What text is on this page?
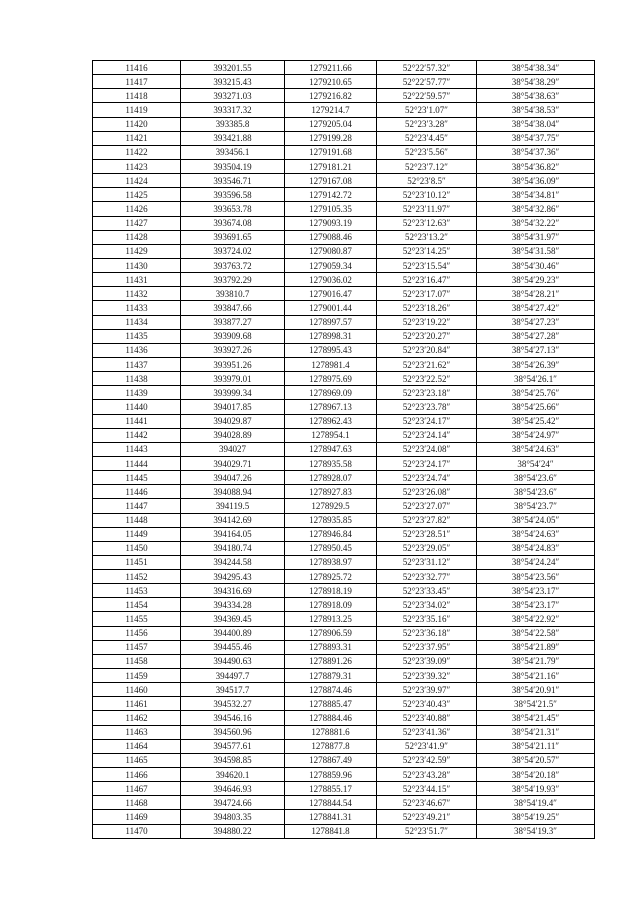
11416	393201.55	1279211.66	52°22′57.32″	38°54′38.34″
11417	393215.43	1279210.65	52°22′57.77″	38°54′38.29″
11418	393271.03	1279216.82	52°22′59.57″	38°54′38.63″
11419	393317.32	1279214.7	52°23′1.07″	38°54′38.53″
11420	393385.8	1279205.04	52°23′3.28″	38°54′38.04″
11421	393421.88	1279199.28	52°23′4.45″	38°54′37.75″
11422	393456.1	1279191.68	52°23′5.56″	38°54′37.36″
11423	393504.19	1279181.21	52°23′7.12″	38°54′36.82″
11424	393546.71	1279167.08	52°23′8.5″	38°54′36.09″
11425	393596.58	1279142.72	52°23′10.12″	38°54′34.81″
11426	393653.78	1279105.35	52°23′11.97″	38°54′32.86″
11427	393674.08	1279093.19	52°23′12.63″	38°54′32.22″
11428	393691.65	1279088.46	52°23′13.2″	38°54′31.97″
11429	393724.02	1279080.87	52°23′14.25″	38°54′31.58″
11430	393763.72	1279059.34	52°23′15.54″	38°54′30.46″
11431	393792.29	1279036.02	52°23′16.47″	38°54′29.23″
11432	393810.7	1279016.47	52°23′17.07″	38°54′28.21″
11433	393847.66	1279001.44	52°23′18.26″	38°54′27.42″
11434	393877.27	1278997.57	52°23′19.22″	38°54′27.23″
11435	393909.68	1278998.31	52°23′20.27″	38°54′27.28″
11436	393927.26	1278995.43	52°23′20.84″	38°54′27.13″
11437	393951.26	1278981.4	52°23′21.62″	38°54′26.39″
11438	393979.01	1278975.69	52°23′22.52″	38°54′26.1″
11439	393999.34	1278969.09	52°23′23.18″	38°54′25.76″
11440	394017.85	1278967.13	52°23′23.78″	38°54′25.66″
11441	394029.87	1278962.43	52°23′24.17″	38°54′25.42″
11442	394028.89	1278954.1	52°23′24.14″	38°54′24.97″
11443	394027	1278947.63	52°23′24.08″	38°54′24.63″
11444	394029.71	1278935.58	52°23′24.17″	38°54′24″
11445	394047.26	1278928.07	52°23′24.74″	38°54′23.6″
11446	394088.94	1278927.83	52°23′26.08″	38°54′23.6″
11447	394119.5	1278929.5	52°23′27.07″	38°54′23.7″
11448	394142.69	1278935.85	52°23′27.82″	38°54′24.05″
11449	394164.05	1278946.84	52°23′28.51″	38°54′24.63″
11450	394180.74	1278950.45	52°23′29.05″	38°54′24.83″
11451	394244.58	1278938.97	52°23′31.12″	38°54′24.24″
11452	394295.43	1278925.72	52°23′32.77″	38°54′23.56″
11453	394316.69	1278918.19	52°23′33.45″	38°54′23.17″
11454	394334.28	1278918.09	52°23′34.02″	38°54′23.17″
11455	394369.45	1278913.25	52°23′35.16″	38°54′22.92″
11456	394400.89	1278906.59	52°23′36.18″	38°54′22.58″
11457	394455.46	1278893.31	52°23′37.95″	38°54′21.89″
11458	394490.63	1278891.26	52°23′39.09″	38°54′21.79″
11459	394497.7	1278879.31	52°23′39.32″	38°54′21.16″
11460	394517.7	1278874.46	52°23′39.97″	38°54′20.91″
11461	394532.27	1278885.47	52°23′40.43″	38°54′21.5″
11462	394546.16	1278884.46	52°23′40.88″	38°54′21.45″
11463	394560.96	1278881.6	52°23′41.36″	38°54′21.31″
11464	394577.61	1278877.8	52°23′41.9″	38°54′21.11″
11465	394598.85	1278867.49	52°23′42.59″	38°54′20.57″
11466	394620.1	1278859.96	52°23′43.28″	38°54′20.18″
11467	394646.93	1278855.17	52°23′44.15″	38°54′19.93″
11468	394724.66	1278844.54	52°23′46.67″	38°54′19.4″
11469	394803.35	1278841.31	52°23′49.21″	38°54′19.25″
11470	394880.22	1278841.8	52°23′51.7″	38°54′19.3″
